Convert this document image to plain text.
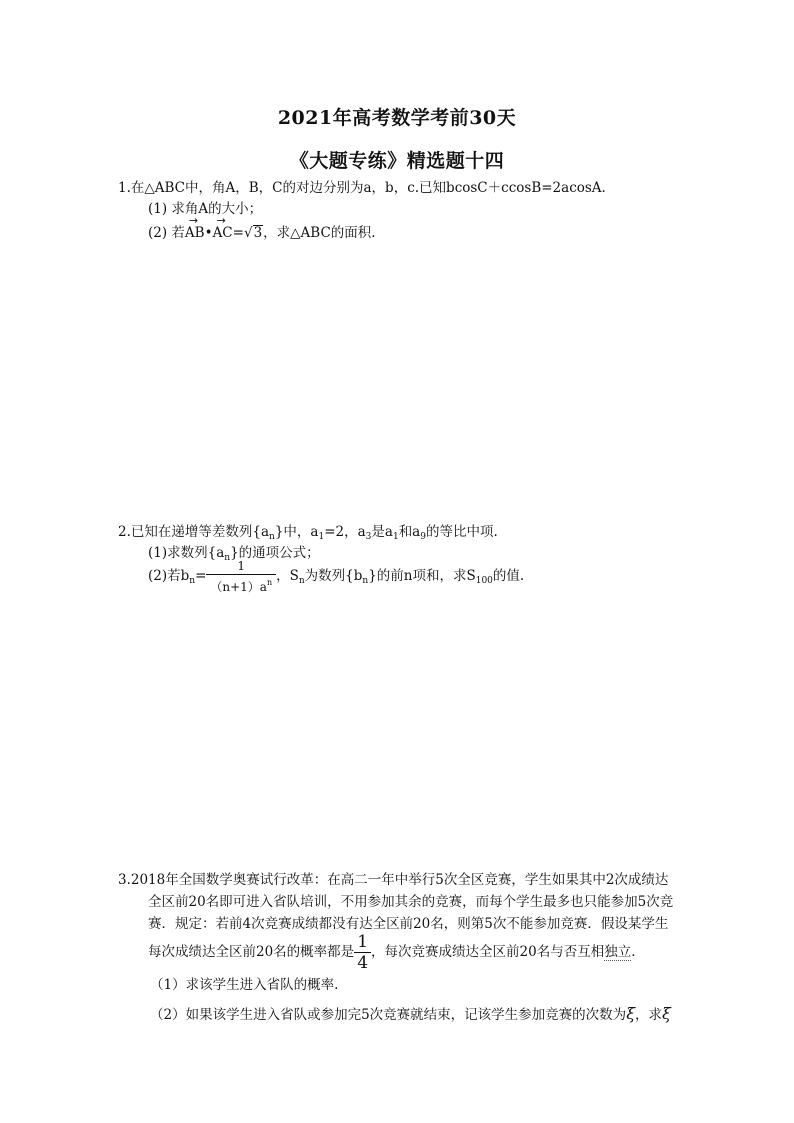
2021年高考数学考前30天
《大题专练》精选题十四
1.在△ABC中，角A，B，C的对边分别为a，b，c.已知bcosC＋ccosB=2acosA.
(1) 求角A的大小；
(2) 若→ AB•→ AC=√3，求△ABC的面积.
2.已知在递增等差数列$\{a_n\}$中，$a_1=2$，$a_3$是$a_1$和$a_9$的等比中项.
(1)求数列$\{a_n\}$的通项公式；
(2)若$b_n= \frac{1}{(n+1)a^n}$ ，$S_n$为数列$\{b_n\}$的前n项和，求$S_{100}$的值.
3.2018年全国数学奥赛试行改革：在高二一年中举行5次全区竞赛，学生如果其中2次成绩达
全区前20名即可进入省队培训，不用参加其余的竞赛，而每个学生最多也只能参加5次竞
赛．规定：若前4次竞赛成绩都没有达全区前20名，则第5次不能参加竞赛．假设某学生
每次成绩达全区前20名的概率都是 $\frac{1}{4}$ ，每次竞赛成绩达全区前20名与否互相独立.
（1）求该学生进入省队的概率.
（2）如果该学生进入省队或参加完5次竞赛就结束，记该学生参加竞赛的次数为ξ，求ξ
